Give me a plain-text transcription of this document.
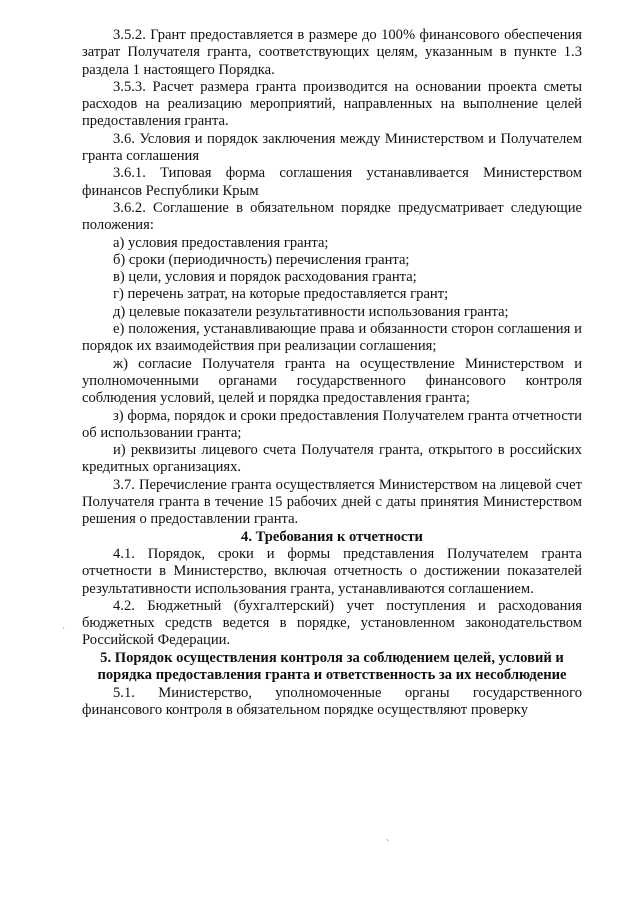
3.5.2. Грант предоставляется в размере до 100% финансового обеспечения затрат Получателя гранта, соответствующих целям, указанным в пункте 1.3 раздела 1 настоящего Порядка.

3.5.3. Расчет размера гранта производится на основании проекта сметы расходов на реализацию мероприятий, направленных на выполнение целей предоставления гранта.

3.6. Условия и порядок заключения между Министерством и Получателем гранта соглашения

3.6.1. Типовая форма соглашения устанавливается Министерством финансов Республики Крым

3.6.2. Соглашение в обязательном порядке предусматривает следующие положения:

а) условия предоставления гранта;

б) сроки (периодичность) перечисления гранта;

в) цели, условия и порядок расходования гранта;

г) перечень затрат, на которые предоставляется грант;

д) целевые показатели результативности использования гранта;

е) положения, устанавливающие права и обязанности сторон соглашения и порядок их взаимодействия при реализации соглашения;

ж) согласие Получателя гранта на осуществление Министерством и уполномоченными органами государственного финансового контроля соблюдения условий, целей и порядка предоставления гранта;

з) форма, порядок и сроки предоставления Получателем гранта отчетности об использовании гранта;

и) реквизиты лицевого счета Получателя гранта, открытого в российских кредитных организациях.

3.7. Перечисление гранта осуществляется Министерством на лицевой счет Получателя гранта в течение 15 рабочих дней с даты принятия Министерством решения о предоставлении гранта.

4. Требования к отчетности

4.1. Порядок, сроки и формы представления Получателем гранта отчетности в Министерство, включая отчетность о достижении показателей результативности использования гранта, устанавливаются соглашением.

4.2. Бюджетный (бухгалтерский) учет поступления и расходования бюджетных средств ведется в порядке, установленном законодательством Российской Федерации.

5. Порядок осуществления контроля за соблюдением целей, условий и порядка предоставления гранта и ответственность за их несоблюдение

5.1. Министерство, уполномоченные органы государственного финансового контроля в обязательном порядке осуществляют проверку

·
`
